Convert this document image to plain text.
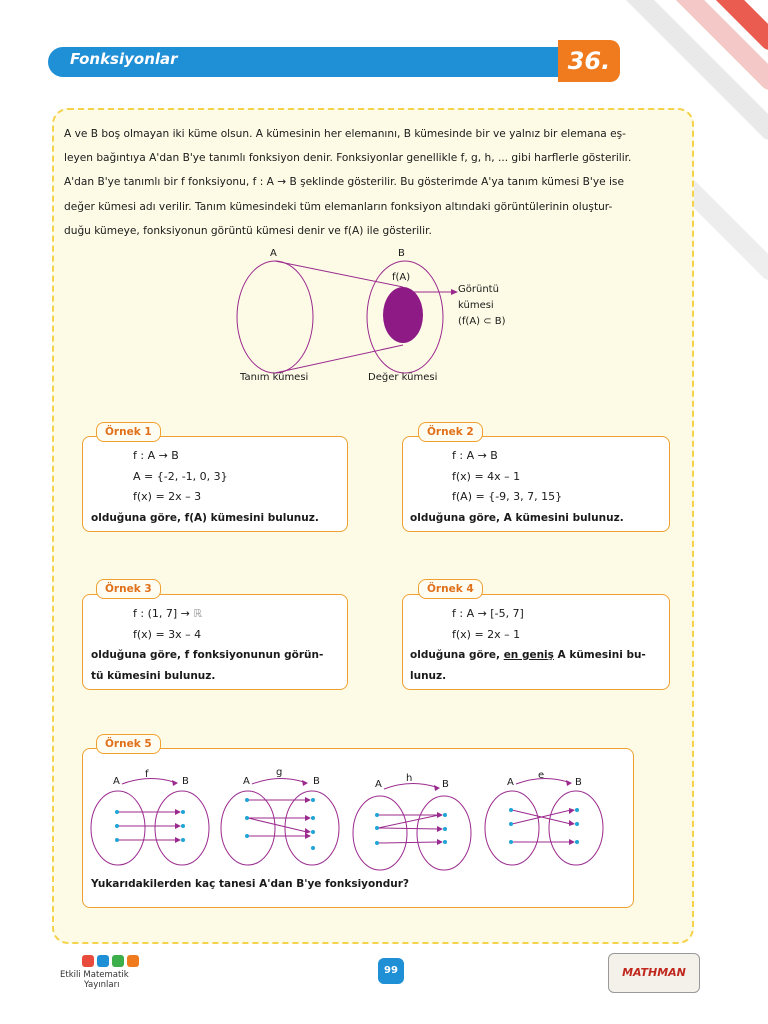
Fonksiyonlar	36.

A ve B boş olmayan iki küme olsun. A kümesinin her elemanını, B kümesinde bir ve yalnız bir elemana eş-
leyen bağıntıya A'dan B'ye tanımlı fonksiyon denir. Fonksiyonlar genellikle f, g, h, ... gibi harflerle gösterilir.
A'dan B'ye tanımlı bir f fonksiyonu, f : A → B şeklinde gösterilir. Bu gösterimde A'ya tanım kümesi B'ye ise
değer kümesi adı verilir. Tanım kümesindeki tüm elemanların fonksiyon altındaki görüntülerinin oluştur-
duğu kümeye, fonksiyonun görüntü kümesi denir ve f(A) ile gösterilir.

A	B
f(A)
Görüntü
kümesi
(f(A) ⊂ B)
Tanım kümesi	Değer kümesi
Örnek 1

f : A → B

A = {-2, -1, 0, 3}

f(x) = 2x – 3

olduğuna göre, f(A) kümesini bulunuz.

Örnek 2

f : A → B

f(x) = 4x – 1

f(A) = {-9, 3, 7, 15}

olduğuna göre, A kümesini bulunuz.

Örnek 3

f : (1, 7] → ℝ

f(x) = 3x – 4

olduğuna göre, f fonksiyonunun görün-

tü kümesini bulunuz.

Örnek 4

f : A → [-5, 7]

f(x) = 2x – 1

olduğuna göre, en geniş A kümesini bu-

lunuz.

Örnek 5
A
f
B	A
g
B	A
h
B	A
e
B

Yukarıdakilerden kaç tanesi A'dan B'ye fonksiyondur?

Etkili Matematik
Yayınları
99	MATHMAN
